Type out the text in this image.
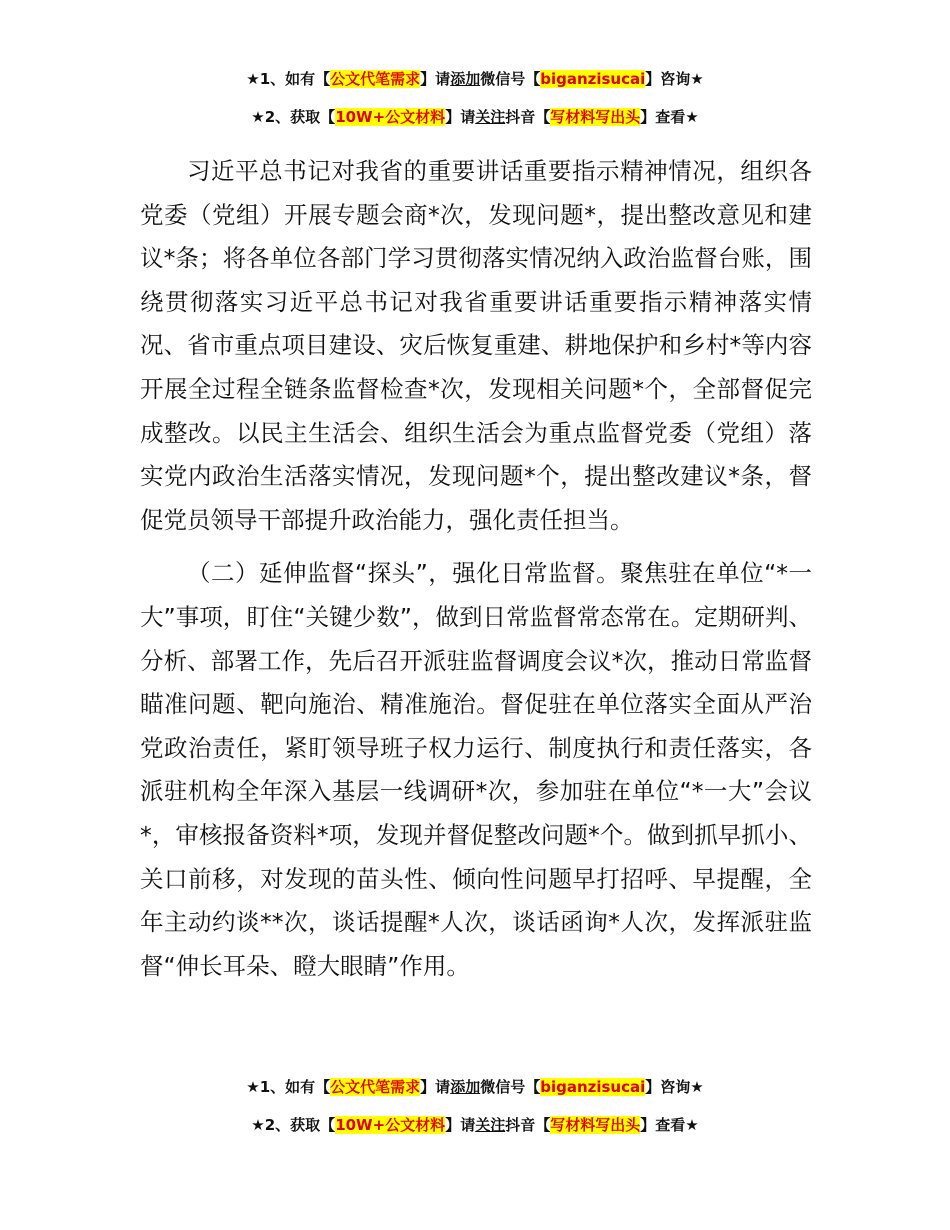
★1、如有【公文代笔需求】请添加微信号【biganzisucai】咨询★
★2、获取【10W+公文材料】请关注抖音【写材料写出头】查看★

习近平总书记对我省的重要讲话重要指示精神情况，组织各党委（党组）开展专题会商*次，发现问题*，提出整改意见和建议*条；将各单位各部门学习贯彻落实情况纳入政治监督台账，围绕贯彻落实习近平总书记对我省重要讲话重要指示精神落实情况、省市重点项目建设、灾后恢复重建、耕地保护和乡村*等内容开展全过程全链条监督检查*次，发现相关问题*个，全部督促完成整改。以民主生活会、组织生活会为重点监督党委（党组）落实党内政治生活落实情况，发现问题*个，提出整改建议*条，督促党员领导干部提升政治能力，强化责任担当。

（二）延伸监督“探头”，强化日常监督。聚焦驻在单位“*一大”事项，盯住“关键少数”，做到日常监督常态常在。定期研判、分析、部署工作，先后召开派驻监督调度会议*次，推动日常监督瞄准问题、靶向施治、精准施治。督促驻在单位落实全面从严治党政治责任，紧盯领导班子权力运行、制度执行和责任落实，各派驻机构全年深入基层一线调研*次，参加驻在单位“*一大”会议*，审核报备资料*项，发现并督促整改问题*个。做到抓早抓小、关口前移，对发现的苗头性、倾向性问题早打招呼、早提醒，全年主动约谈**次，谈话提醒*人次，谈话函询*人次，发挥派驻监督“伸长耳朵、瞪大眼睛”作用。

★1、如有【公文代笔需求】请添加微信号【biganzisucai】咨询★
★2、获取【10W+公文材料】请关注抖音【写材料写出头】查看★
